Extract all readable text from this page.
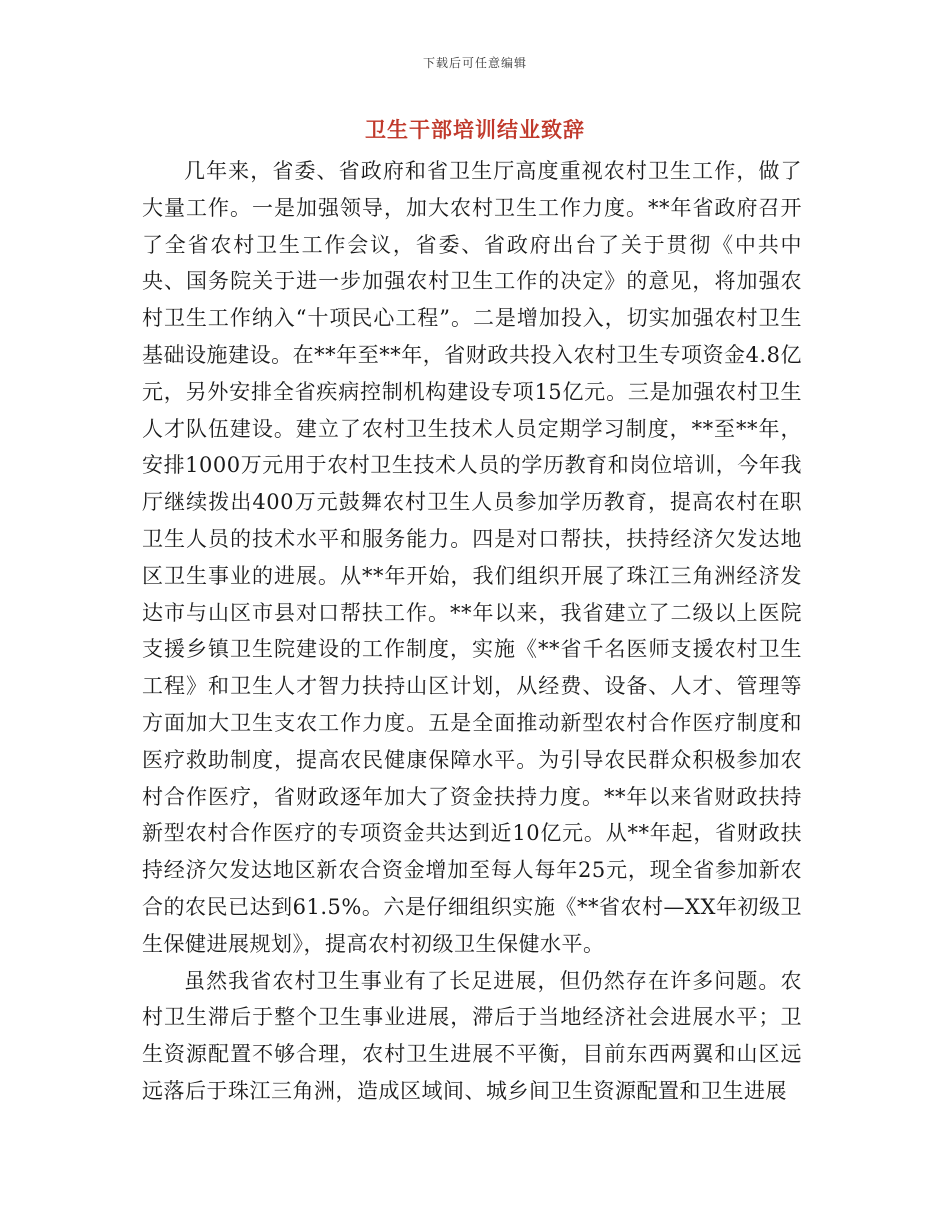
下载后可任意编辑
卫生干部培训结业致辞

几年来，省委、省政府和省卫生厅高度重视农村卫生工作，做了大量工作。一是加强领导，加大农村卫生工作力度。**年省政府召开了全省农村卫生工作会议，省委、省政府出台了关于贯彻《中共中央、国务院关于进一步加强农村卫生工作的决定》的意见，将加强农村卫生工作纳入“十项民心工程”。二是增加投入，切实加强农村卫生基础设施建设。在**年至**年，省财政共投入农村卫生专项资金4.8亿元，另外安排全省疾病控制机构建设专项15亿元。三是加强农村卫生人才队伍建设。建立了农村卫生技术人员定期学习制度，**至**年，安排1000万元用于农村卫生技术人员的学历教育和岗位培训，今年我厅继续拨出400万元鼓舞农村卫生人员参加学历教育，提高农村在职卫生人员的技术水平和服务能力。四是对口帮扶，扶持经济欠发达地区卫生事业的进展。从**年开始，我们组织开展了珠江三角洲经济发达市与山区市县对口帮扶工作。**年以来，我省建立了二级以上医院支援乡镇卫生院建设的工作制度，实施《**省千名医师支援农村卫生工程》和卫生人才智力扶持山区计划，从经费、设备、人才、管理等方面加大卫生支农工作力度。五是全面推动新型农村合作医疗制度和医疗救助制度，提高农民健康保障水平。为引导农民群众积极参加农村合作医疗，省财政逐年加大了资金扶持力度。**年以来省财政扶持新型农村合作医疗的专项资金共达到近10亿元。从**年起，省财政扶持经济欠发达地区新农合资金增加至每人每年25元，现全省参加新农合的农民已达到61.5%。六是仔细组织实施《**省农村—XX年初级卫生保健进展规划》，提高农村初级卫生保健水平。

虽然我省农村卫生事业有了长足进展，但仍然存在许多问题。农村卫生滞后于整个卫生事业进展，滞后于当地经济社会进展水平；卫生资源配置不够合理，农村卫生进展不平衡，目前东西两翼和山区远远落后于珠江三角洲，造成区域间、城乡间卫生资源配置和卫生进展
